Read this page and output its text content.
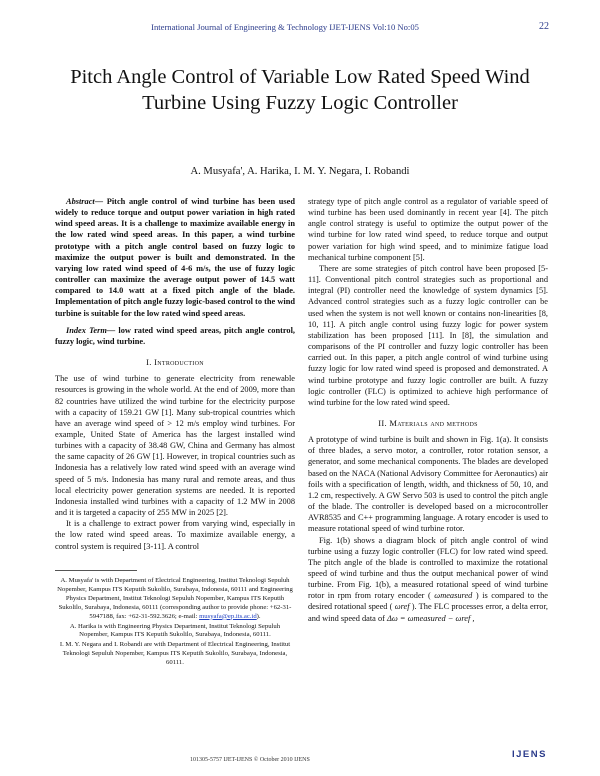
International Journal of Engineering & Technology IJET-IJENS Vol:10 No:05	22
Pitch Angle Control of Variable Low Rated Speed Wind Turbine Using Fuzzy Logic Controller
A. Musyafa', A. Harika, I. M. Y. Negara, I. Robandi

Abstract— Pitch angle control of wind turbine has been used widely to reduce torque and output power variation in high rated wind speed areas. It is a challenge to maximize available energy in the low rated wind speed areas. In this paper, a wind turbine prototype with a pitch angle control based on fuzzy logic to maximize the output power is built and demonstrated. In the varying low rated wind speed of 4-6 m/s, the use of fuzzy logic controller can maximize the average output power of 14.5 watt compared to 14.0 watt at a fixed pitch angle of the blade. Implementation of pitch angle fuzzy logic-based control to the wind turbine is suitable for the low rated wind speed areas.

Index Term— low rated wind speed areas, pitch angle control, fuzzy logic, wind turbine.

I. Introduction

The use of wind turbine to generate electricity from renewable resources is growing in the whole world. At the end of 2009, more than 82 countries have utilized the wind turbine for the electricity purpose with a capacity of 159.21 GW [1]. Many sub-tropical countries which have an average wind speed of > 12 m/s employ wind turbines. For example, United State of America has the largest installed wind turbines with a capacity of 38.48 GW, China and Germany has almost the same capacity of 26 GW [1]. However, in tropical countries such as Indonesia has a relatively low rated wind speed with an average wind speed of 5 m/s. Indonesia has many rural and remote areas, and thus local electricity power generation systems are needed. It is reported Indonesia installed wind turbines with a capacity of 1.2 MW in 2008 and it is targeted a capacity of 255 MW in 2025 [2].

It is a challenge to extract power from varying wind, especially in the low rated wind speed areas. To maximize available energy, a control system is required [3-11]. A control

A. Musyafa' is with Department of Electrical Engineering, Institut Teknologi Sepuluh Nopember, Kampus ITS Keputih Sukolilo, Surabaya, Indonesia, 60111 and Engineering Physics Department, Institut Teknologi Sepuluh Nopember, Kampus ITS Keputih Sukolilo, Surabaya, Indonesia, 60111 (corresponding author to provide phone: +62-31-5947188, fax: +62-31-592.3626; e-mail: musyafa@ep.its.ac.id).

A. Harika is with Engineering Physics Department, Institut Teknologi Sepuluh Nopember, Kampus ITS Keputih Sukolilo, Surabaya, Indonesia, 60111.

I. M. Y. Negara and I. Robandi are with Department of Electrical Engineering, Institut Teknologi Sepuluh Nopember, Kampus ITS Keputih Sukolilo, Surabaya, Indonesia, 60111.

strategy type of pitch angle control as a regulator of variable speed of wind turbine has been used dominantly in recent year [4]. The pitch angle control strategy is useful to optimize the output power of the wind turbine for low rated wind speed, to reduce torque and output power variation for high wind speed, and to minimize fatigue load mechanical turbine component [5].

There are some strategies of pitch control have been proposed [5-11]. Conventional pitch control strategies such as proportional and integral (PI) controller need the knowledge of system dynamics [5]. Advanced control strategies such as a fuzzy logic controller can be used when the system is not well known or contains non-linearities [8, 10, 11]. A pitch angle control using fuzzy logic for power system stabilization has been proposed [11]. In [8], the simulation and comparisons of the PI controller and fuzzy logic controller has been carried out. In this paper, a pitch angle control of wind turbine using fuzzy logic for low rated wind speed is proposed and demonstrated. A wind turbine prototype and fuzzy logic controller are built. A fuzzy logic controller (FLC) is optimized to achieve high performance of wind turbine for the low rated wind speed.

II. Materials and methods

A prototype of wind turbine is built and shown in Fig. 1(a). It consists of three blades, a servo motor, a controller, rotor rotation sensor, a generator, and some mechanical components. The blades are developed based on the NACA (National Advisory Committee for Aeronautics) air foils with a specification of length, width, and thickness of 50, 10, and 1.2 cm, respectively. A GW Servo 503 is used to control the pitch angle of the blade. The controller is developed based on a microcontroller AVR8535 and C++ programming language. A rotary encoder is used to measure rotational speed of wind turbine rotor.

Fig. 1(b) shows a diagram block of pitch angle control of wind turbine using a fuzzy logic controller (FLC) for low rated wind speed. The pitch angle of the blade is controlled to maximize the rotational speed of wind turbine and thus the output mechanical power of wind turbine. From Fig. 1(b), a measured rotational speed of wind turbine rotor in rpm from rotary encoder ( ωmeasured ) is compared to the desired rotational speed ( ωref ). The FLC processes error, a delta error, and wind speed data of Δω = ωmeasured − ωref ,

101305-5757 IJET-IJENS © October 2010 IJENS	IJENS
